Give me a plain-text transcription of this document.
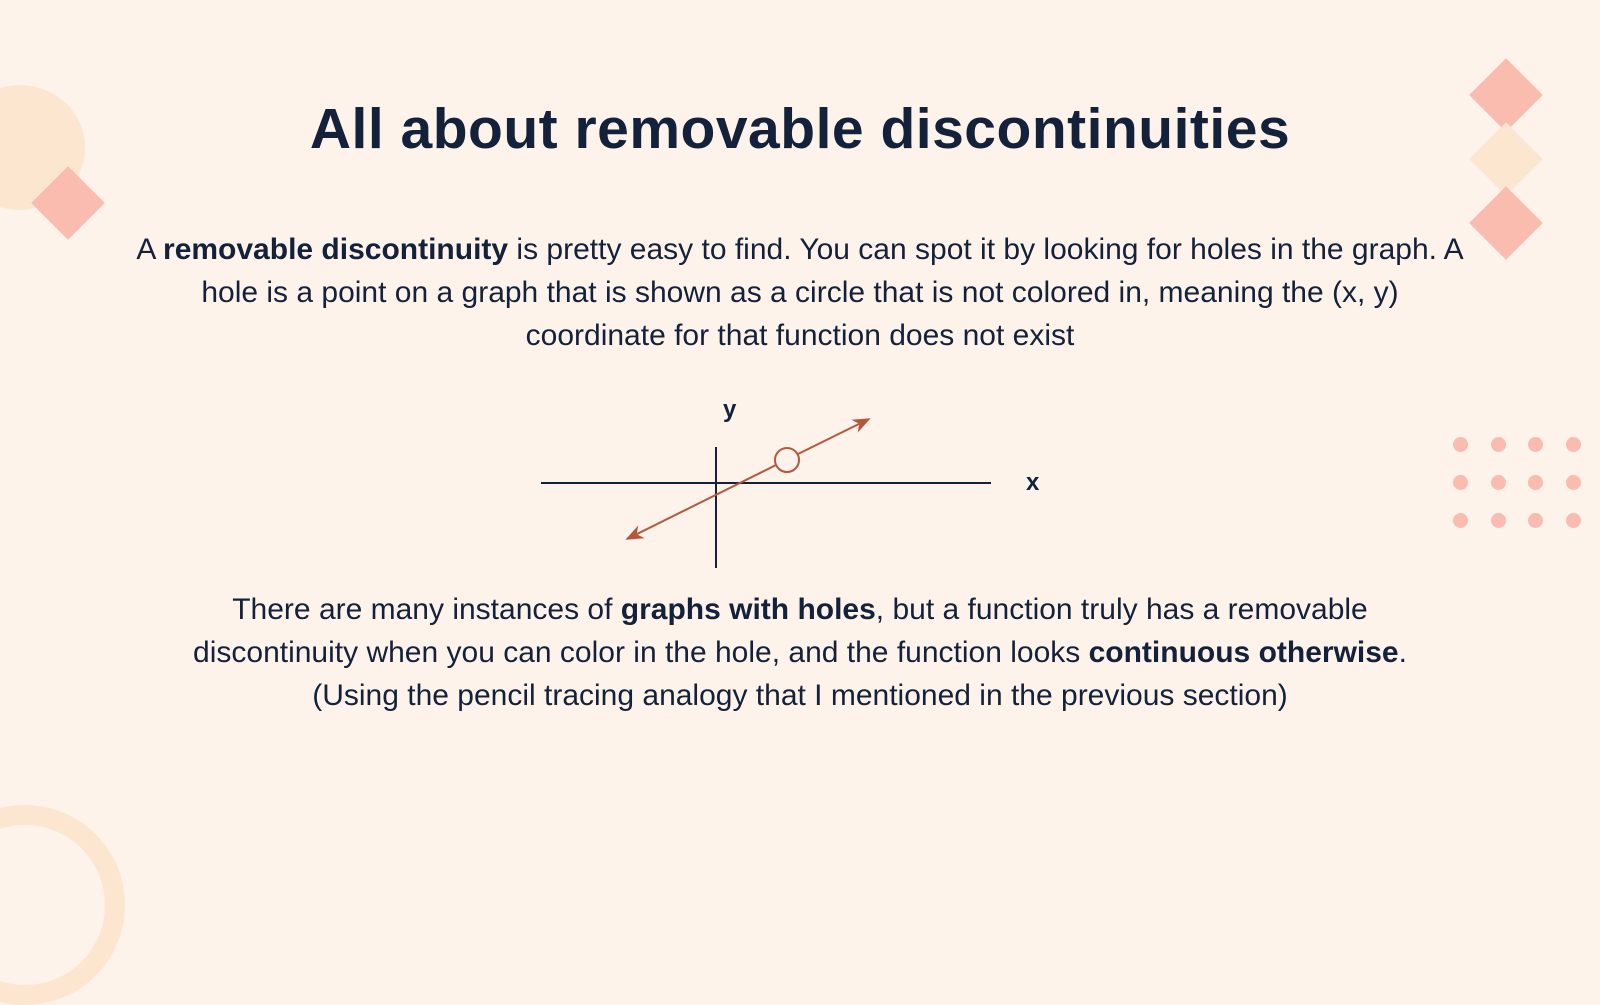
All about removable discontinuities

A removable discontinuity is pretty easy to find. You can spot it by looking for holes in the graph. A hole is a point on a graph that is shown as a circle that is not colored in, meaning the (x, y) coordinate for that function does not exist

y
x

There are many instances of graphs with holes, but a function truly has a removable discontinuity when you can color in the hole, and the function looks continuous otherwise. (Using the pencil tracing analogy that I mentioned in the previous section)
